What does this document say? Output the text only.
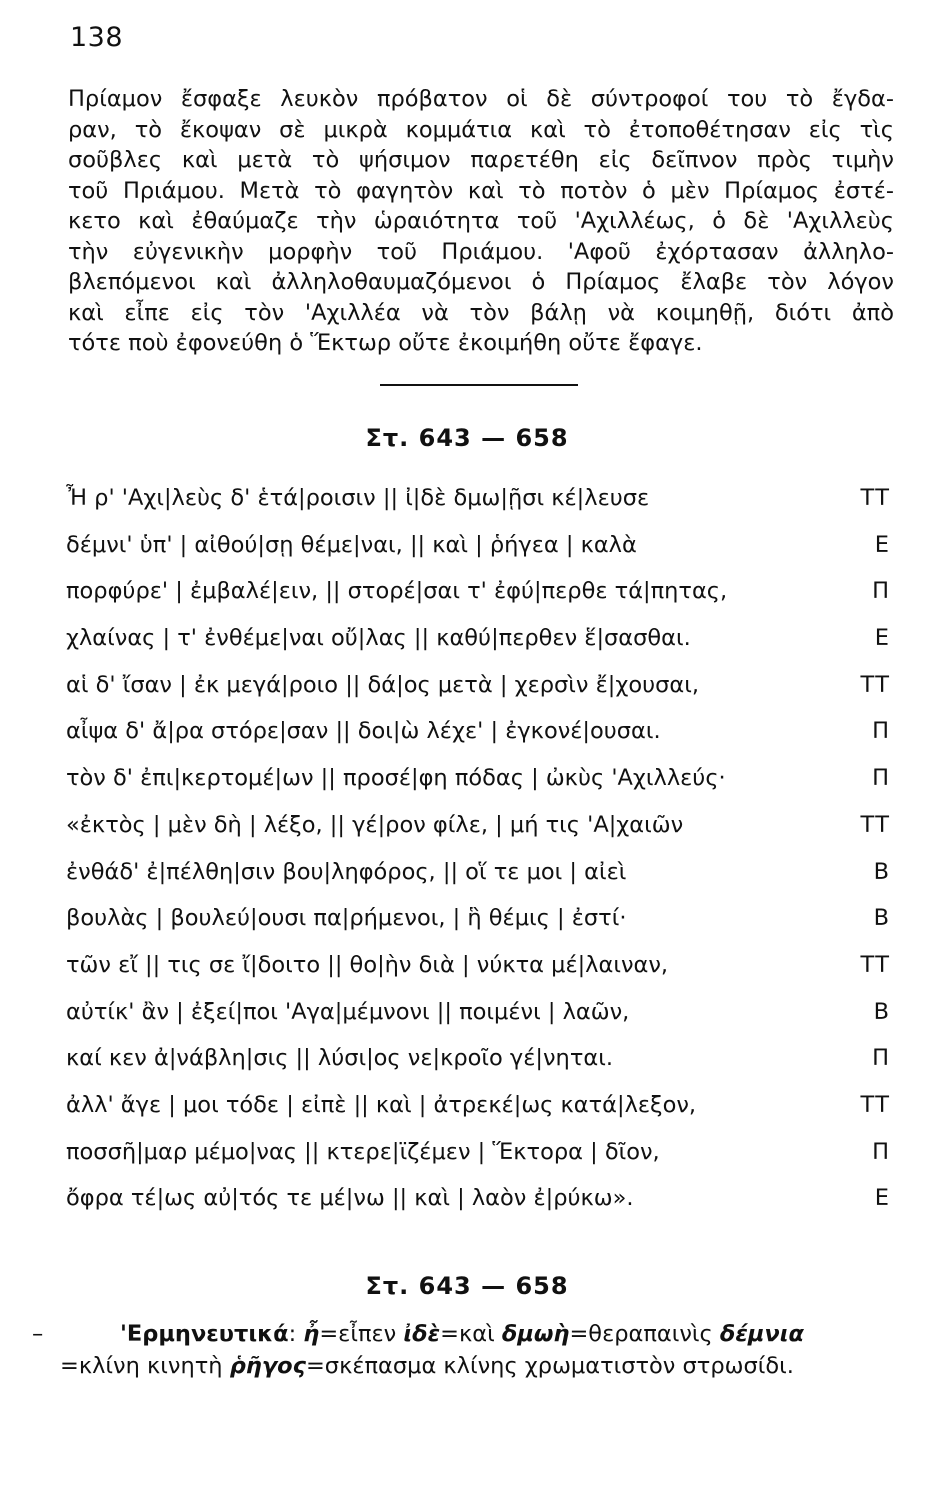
138
Πρίαμον ἔσφαξε λευκὸν πρόβατον οἱ δὲ σύντροφοί του τὸ ἔγδα-
ραν, τὸ ἔκοψαν σὲ μικρὰ κομμάτια καὶ τὸ ἐτοποθέτησαν εἰς τὶς
σοῦβλες καὶ μετὰ τὸ ψήσιμον παρετέθη εἰς δεῖπνον πρὸς τιμὴν
τοῦ Πριάμου. Μετὰ τὸ φαγητὸν καὶ τὸ ποτὸν ὁ μὲν Πρίαμος ἐστέ-
κετο καὶ ἐθαύμαζε τὴν ὡραιότητα τοῦ 'Αχιλλέως, ὁ δὲ 'Αχιλλεὺς
τὴν εὐγενικὴν μορφὴν τοῦ Πριάμου. 'Αφοῦ ἐχόρτασαν ἀλληλο-
βλεπόμενοι καὶ ἀλληλοθαυμαζόμενοι ὁ Πρίαμος ἔλαβε τὸν λόγον
καὶ εἶπε εἰς τὸν 'Αχιλλέα νὰ τὸν βάλῃ νὰ κοιμηθῇ, διότι ἀπὸ
τότε ποὺ ἐφονεύθη ὁ Ἕκτωρ οὔτε ἐκοιμήθη οὔτε ἔφαγε.
Στ. 643 — 658
Ἦ ρ' 'Αχι|λεὺς δ' ἑτά|ροισιν || ἰ|δὲ δμω|ῇσι κέ|λευσε	ΤΤ
δέμνι' ὑπ' | αἰθού|σῃ θέμε|ναι, || καὶ | ῥήγεα | καλὰ	Ε
πορφύρε' | ἐμβαλέ|ειν, || στορέ|σαι τ' ἐφύ|περθε τά|πητας,	Π
χλαίνας | τ' ἐνθέμε|ναι οὔ|λας || καθύ|περθεν ἕ|σασθαι.	Ε
αἱ δ' ἴσαν | ἐκ μεγά|ροιο || δά|ος μετὰ | χερσὶν ἔ|χουσαι,	ΤΤ
αἶψα δ' ἄ|ρα στόρε|σαν || δοι|ὼ λέχε' | ἐγκονέ|ουσαι.	Π
τὸν δ' ἐπι|κερτομέ|ων || προσέ|φη πόδας | ὠκὺς 'Αχιλλεύς·	Π
«ἐκτὸς | μὲν δὴ | λέξο, || γέ|ρον φίλε, | μή τις 'Α|χαιῶν	ΤΤ
ἐνθάδ' ἐ|πέλθη|σιν βου|ληφόρος, || οἵ τε μοι | αἰεὶ	Β
βουλὰς | βουλεύ|ουσι πα|ρήμενοι, | ἣ θέμις | ἐστί·	Β
τῶν εἴ || τις σε ἴ|δοιτο || θο|ὴν διὰ | νύκτα μέ|λαιναν,	ΤΤ
αὐτίκ' ἂν | ἐξεί|ποι 'Αγα|μέμνονι || ποιμένι | λαῶν,	Β
καί κεν ἀ|νάβλη|σις || λύσι|ος νε|κροῖο γέ|νηται.	Π
ἀλλ' ἄγε | μοι τόδε | εἰπὲ || καὶ | ἀτρεκέ|ως κατά|λεξον,	ΤΤ
ποσσῆ|μαρ μέμο|νας || κτερε|ϊζέμεν | Ἕκτορα | δῖον,	Π
ὄφρα τέ|ως αὐ|τός τε μέ|νω || καὶ | λαὸν ἐ|ρύκω».	Ε
Στ. 643 — 658
–	'Ερμηνευτικά: ἦ=εἶπεν ἰδὲ=καὶ δμωὴ=θεραπαινὶς δέμνια
=κλίνη κινητὴ ῥῆγος=σκέπασμα κλίνης χρωματιστὸν στρωσίδι.
